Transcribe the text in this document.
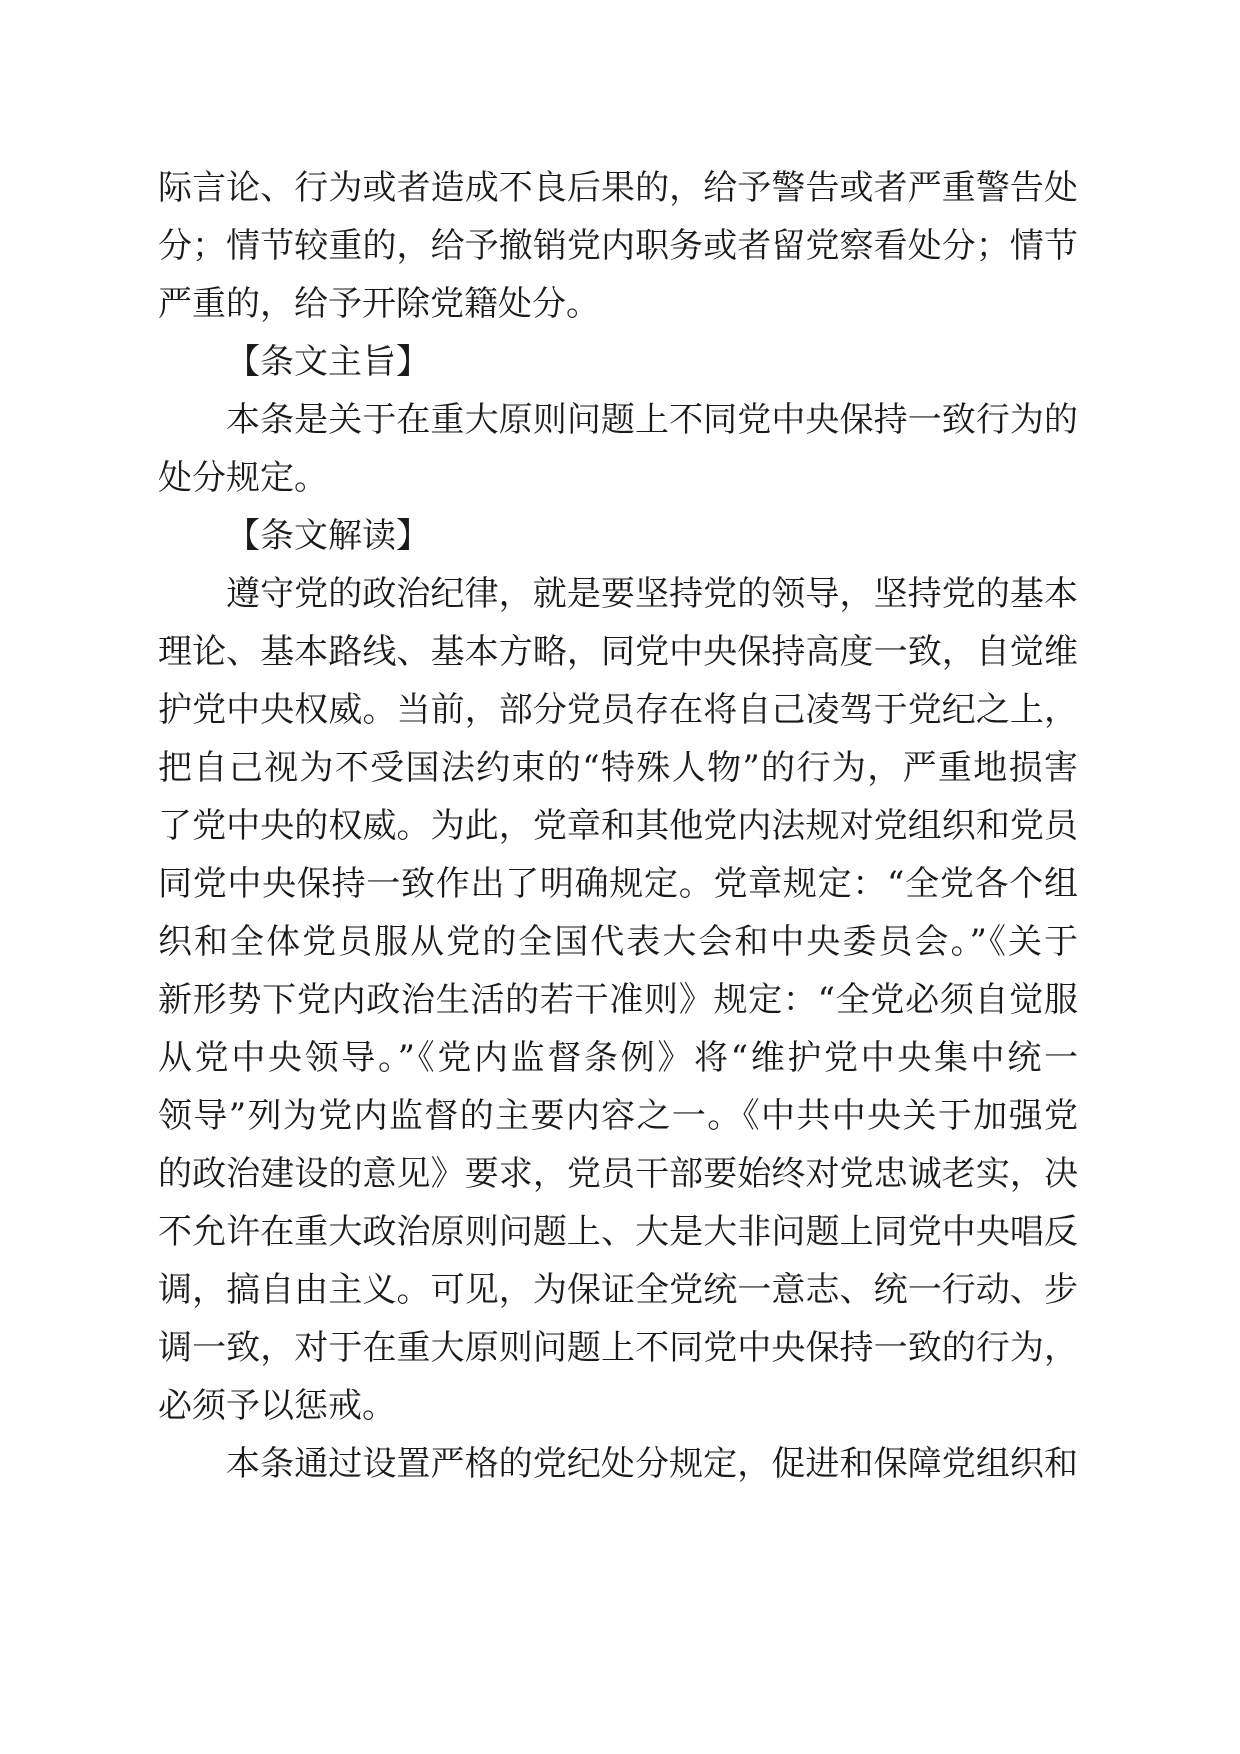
际言论、行为或者造成不良后果的，给予警告或者严重警告处
分；情节较重的，给予撤销党内职务或者留党察看处分；情节
严重的，给予开除党籍处分。
【条文主旨】
本条是关于在重大原则问题上不同党中央保持一致行为的
处分规定。
【条文解读】
遵守党的政治纪律，就是要坚持党的领导，坚持党的基本
理论、基本路线、基本方略，同党中央保持高度一致，自觉维
护党中央权威。当前，部分党员存在将自己凌驾于党纪之上，
把自己视为不受国法约束的“特殊人物”的行为，严重地损害
了党中央的权威。为此，党章和其他党内法规对党组织和党员
同党中央保持一致作出了明确规定。党章规定：“全党各个组
织和全体党员服从党的全国代表大会和中央委员会。”《关于
新形势下党内政治生活的若干准则》规定：“全党必须自觉服
从党中央领导。”《党内监督条例》将“维护党中央集中统一
领导”列为党内监督的主要内容之一。《中共中央关于加强党
的政治建设的意见》要求，党员干部要始终对党忠诚老实，决
不允许在重大政治原则问题上、大是大非问题上同党中央唱反
调，搞自由主义。可见，为保证全党统一意志、统一行动、步
调一致，对于在重大原则问题上不同党中央保持一致的行为，
必须予以惩戒。
本条通过设置严格的党纪处分规定，促进和保障党组织和
